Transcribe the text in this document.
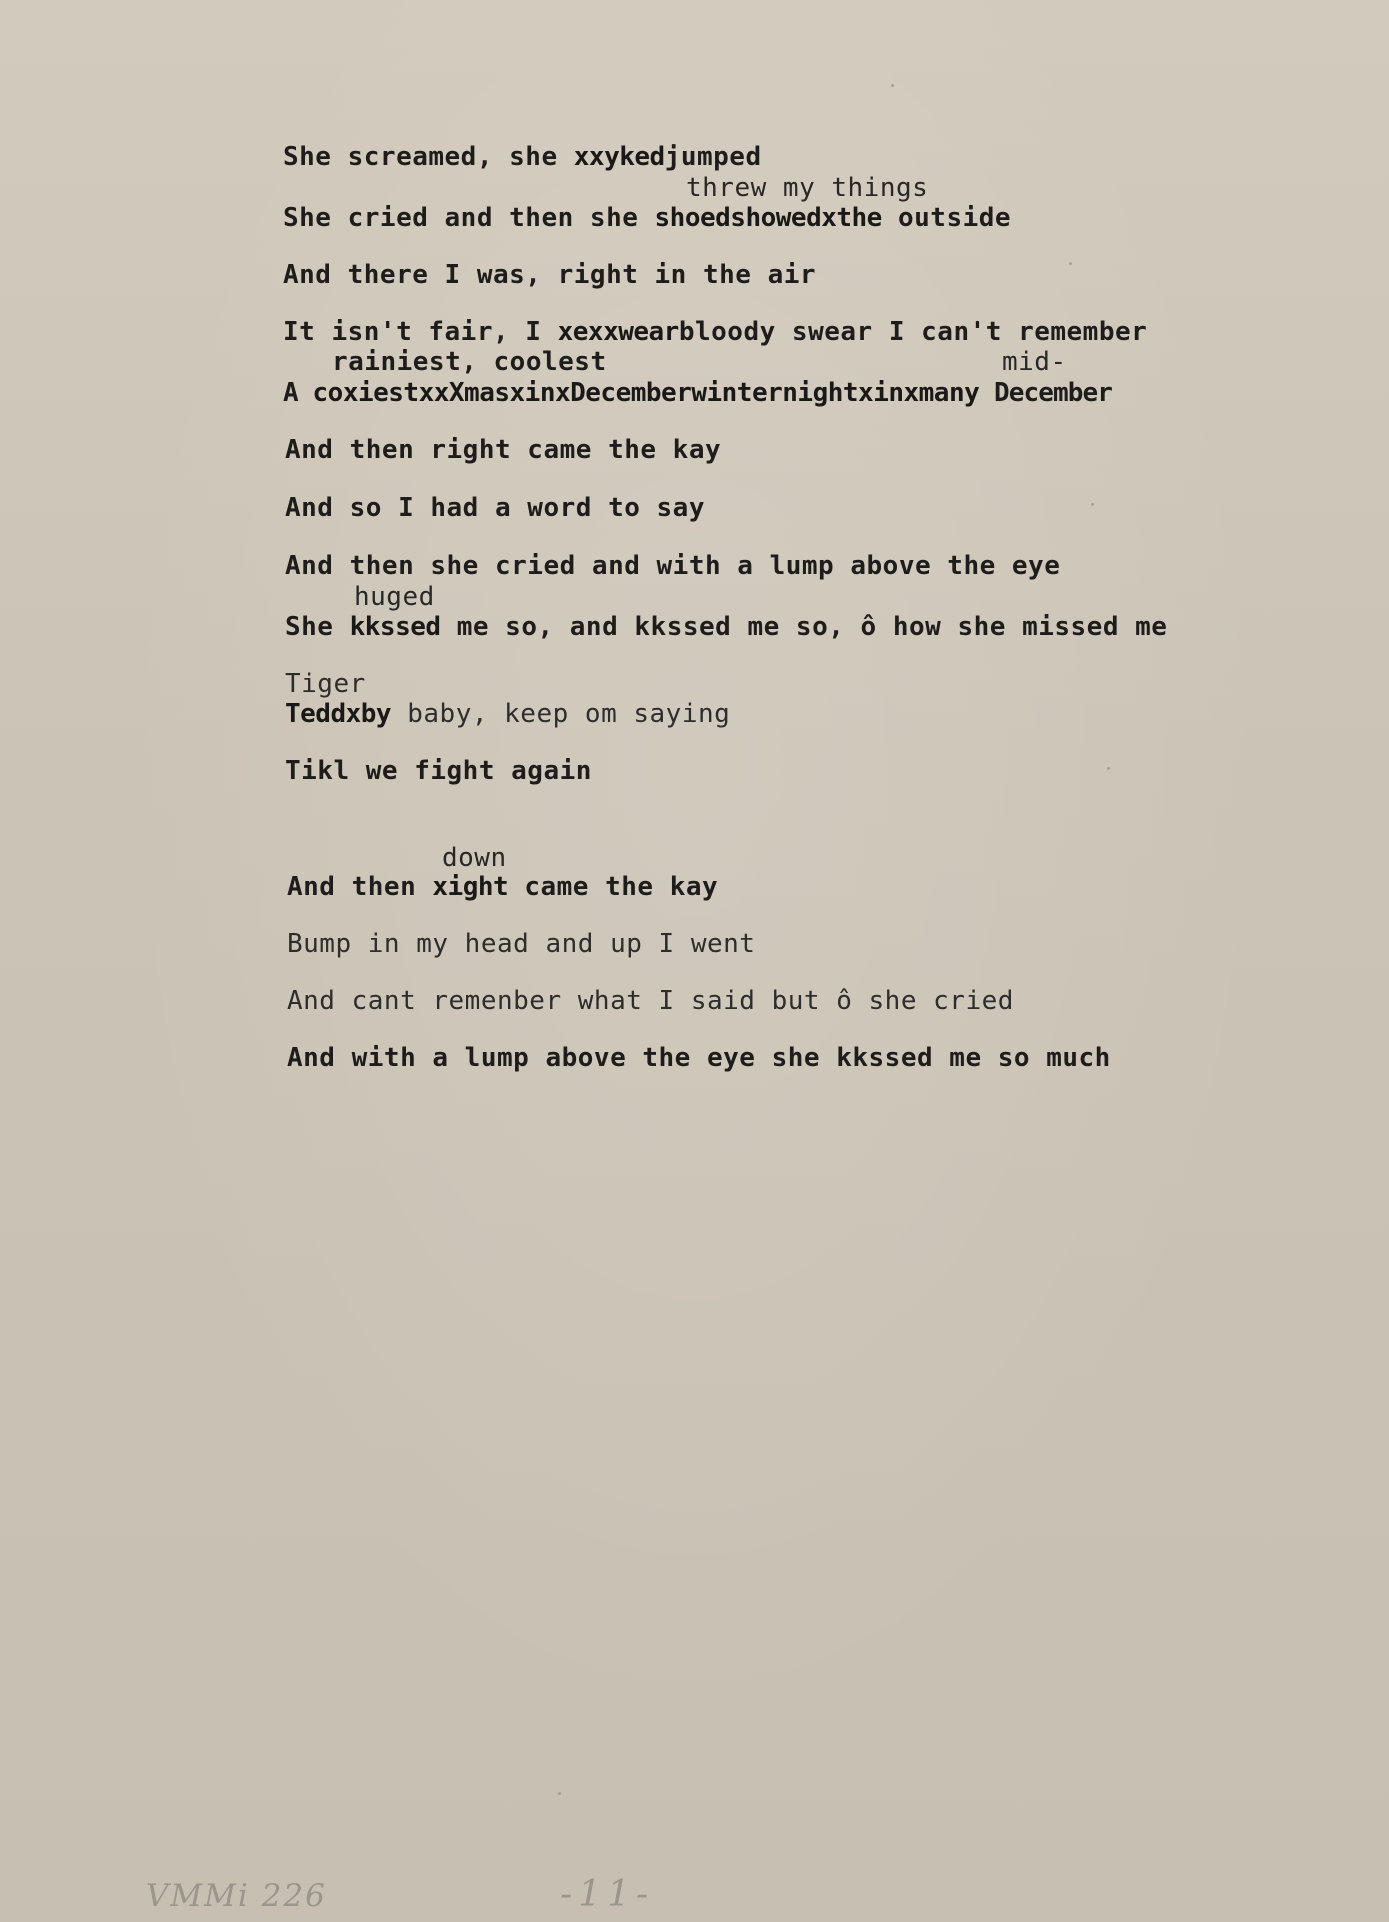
She screamed, she xxykedjumped
threw my things
She cried and then she shoedshowedxthe outside
And there I was, right in the air
It isn't fair, I xexxwearbloody swear I can't remember
rainiest, coolest	mid-
A coxiestxxXmasxinxDecemberwinternightxinxmany December
And then right came the kay
And so I had a word to say
And then she cried and with a lump above the eye
huged
She kkssed me so, and kkssed me so, ô how she missed me
Tiger
Teddxby baby, keep om saying
Tikl we fight again
down
And then xight came the kay
Bump in my head and up I went
And cant remenber what I said but ô she cried
And with a lump above the eye she kkssed me so much
VMMi 226	-11-
